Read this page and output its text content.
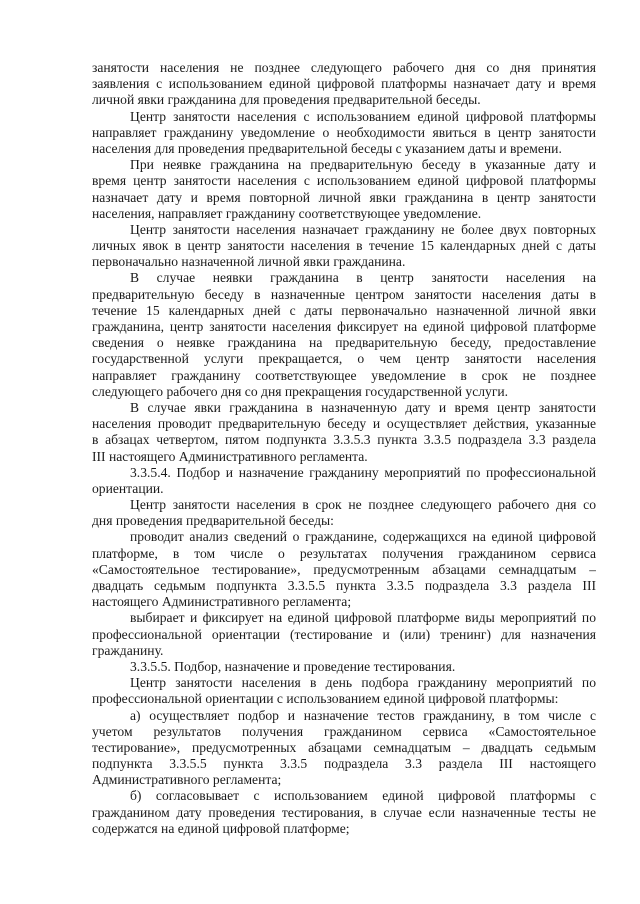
занятости населения не позднее следующего рабочего дня со дня принятия
заявления с использованием единой цифровой платформы назначает дату и время
личной явки гражданина для проведения предварительной беседы.
Центр занятости населения с использованием единой цифровой платформы
направляет гражданину уведомление о необходимости явиться в центр занятости
населения для проведения предварительной беседы с указанием даты и времени.
При неявке гражданина на предварительную беседу в указанные дату и
время центр занятости населения с использованием единой цифровой платформы
назначает дату и время повторной личной явки гражданина в центр занятости
населения, направляет гражданину соответствующее уведомление.
Центр занятости населения назначает гражданину не более двух повторных
личных явок в центр занятости населения в течение 15 календарных дней с даты
первоначально назначенной личной явки гражданина.
В случае неявки гражданина в центр занятости населения на
предварительную беседу в назначенные центром занятости населения даты в
течение 15 календарных дней с даты первоначально назначенной личной явки
гражданина, центр занятости населения фиксирует на единой цифровой платформе
сведения о неявке гражданина на предварительную беседу, предоставление
государственной услуги прекращается, о чем центр занятости населения
направляет гражданину соответствующее уведомление в срок не позднее
следующего рабочего дня со дня прекращения государственной услуги.
В случае явки гражданина в назначенную дату и время центр занятости
населения проводит предварительную беседу и осуществляет действия, указанные
в абзацах четвертом, пятом подпункта 3.3.5.3 пункта 3.3.5 подраздела 3.3 раздела
III настоящего Административного регламента.
3.3.5.4. Подбор и назначение гражданину мероприятий по профессиональной
ориентации.
Центр занятости населения в срок не позднее следующего рабочего дня со
дня проведения предварительной беседы:
проводит анализ сведений о гражданине, содержащихся на единой цифровой
платформе, в том числе о результатах получения гражданином сервиса
«Самостоятельное тестирование», предусмотренным абзацами семнадцатым –
двадцать седьмым подпункта 3.3.5.5 пункта 3.3.5 подраздела 3.3 раздела III
настоящего Административного регламента;
выбирает и фиксирует на единой цифровой платформе виды мероприятий по
профессиональной ориентации (тестирование и (или) тренинг) для назначения
гражданину.
3.3.5.5. Подбор, назначение и проведение тестирования.
Центр занятости населения в день подбора гражданину мероприятий по
профессиональной ориентации с использованием единой цифровой платформы:
а) осуществляет подбор и назначение тестов гражданину, в том числе с
учетом результатов получения гражданином сервиса «Самостоятельное
тестирование», предусмотренных абзацами семнадцатым – двадцать седьмым
подпункта 3.3.5.5 пункта 3.3.5 подраздела 3.3 раздела III настоящего
Административного регламента;
б) согласовывает с использованием единой цифровой платформы с
гражданином дату проведения тестирования, в случае если назначенные тесты не
содержатся на единой цифровой платформе;
